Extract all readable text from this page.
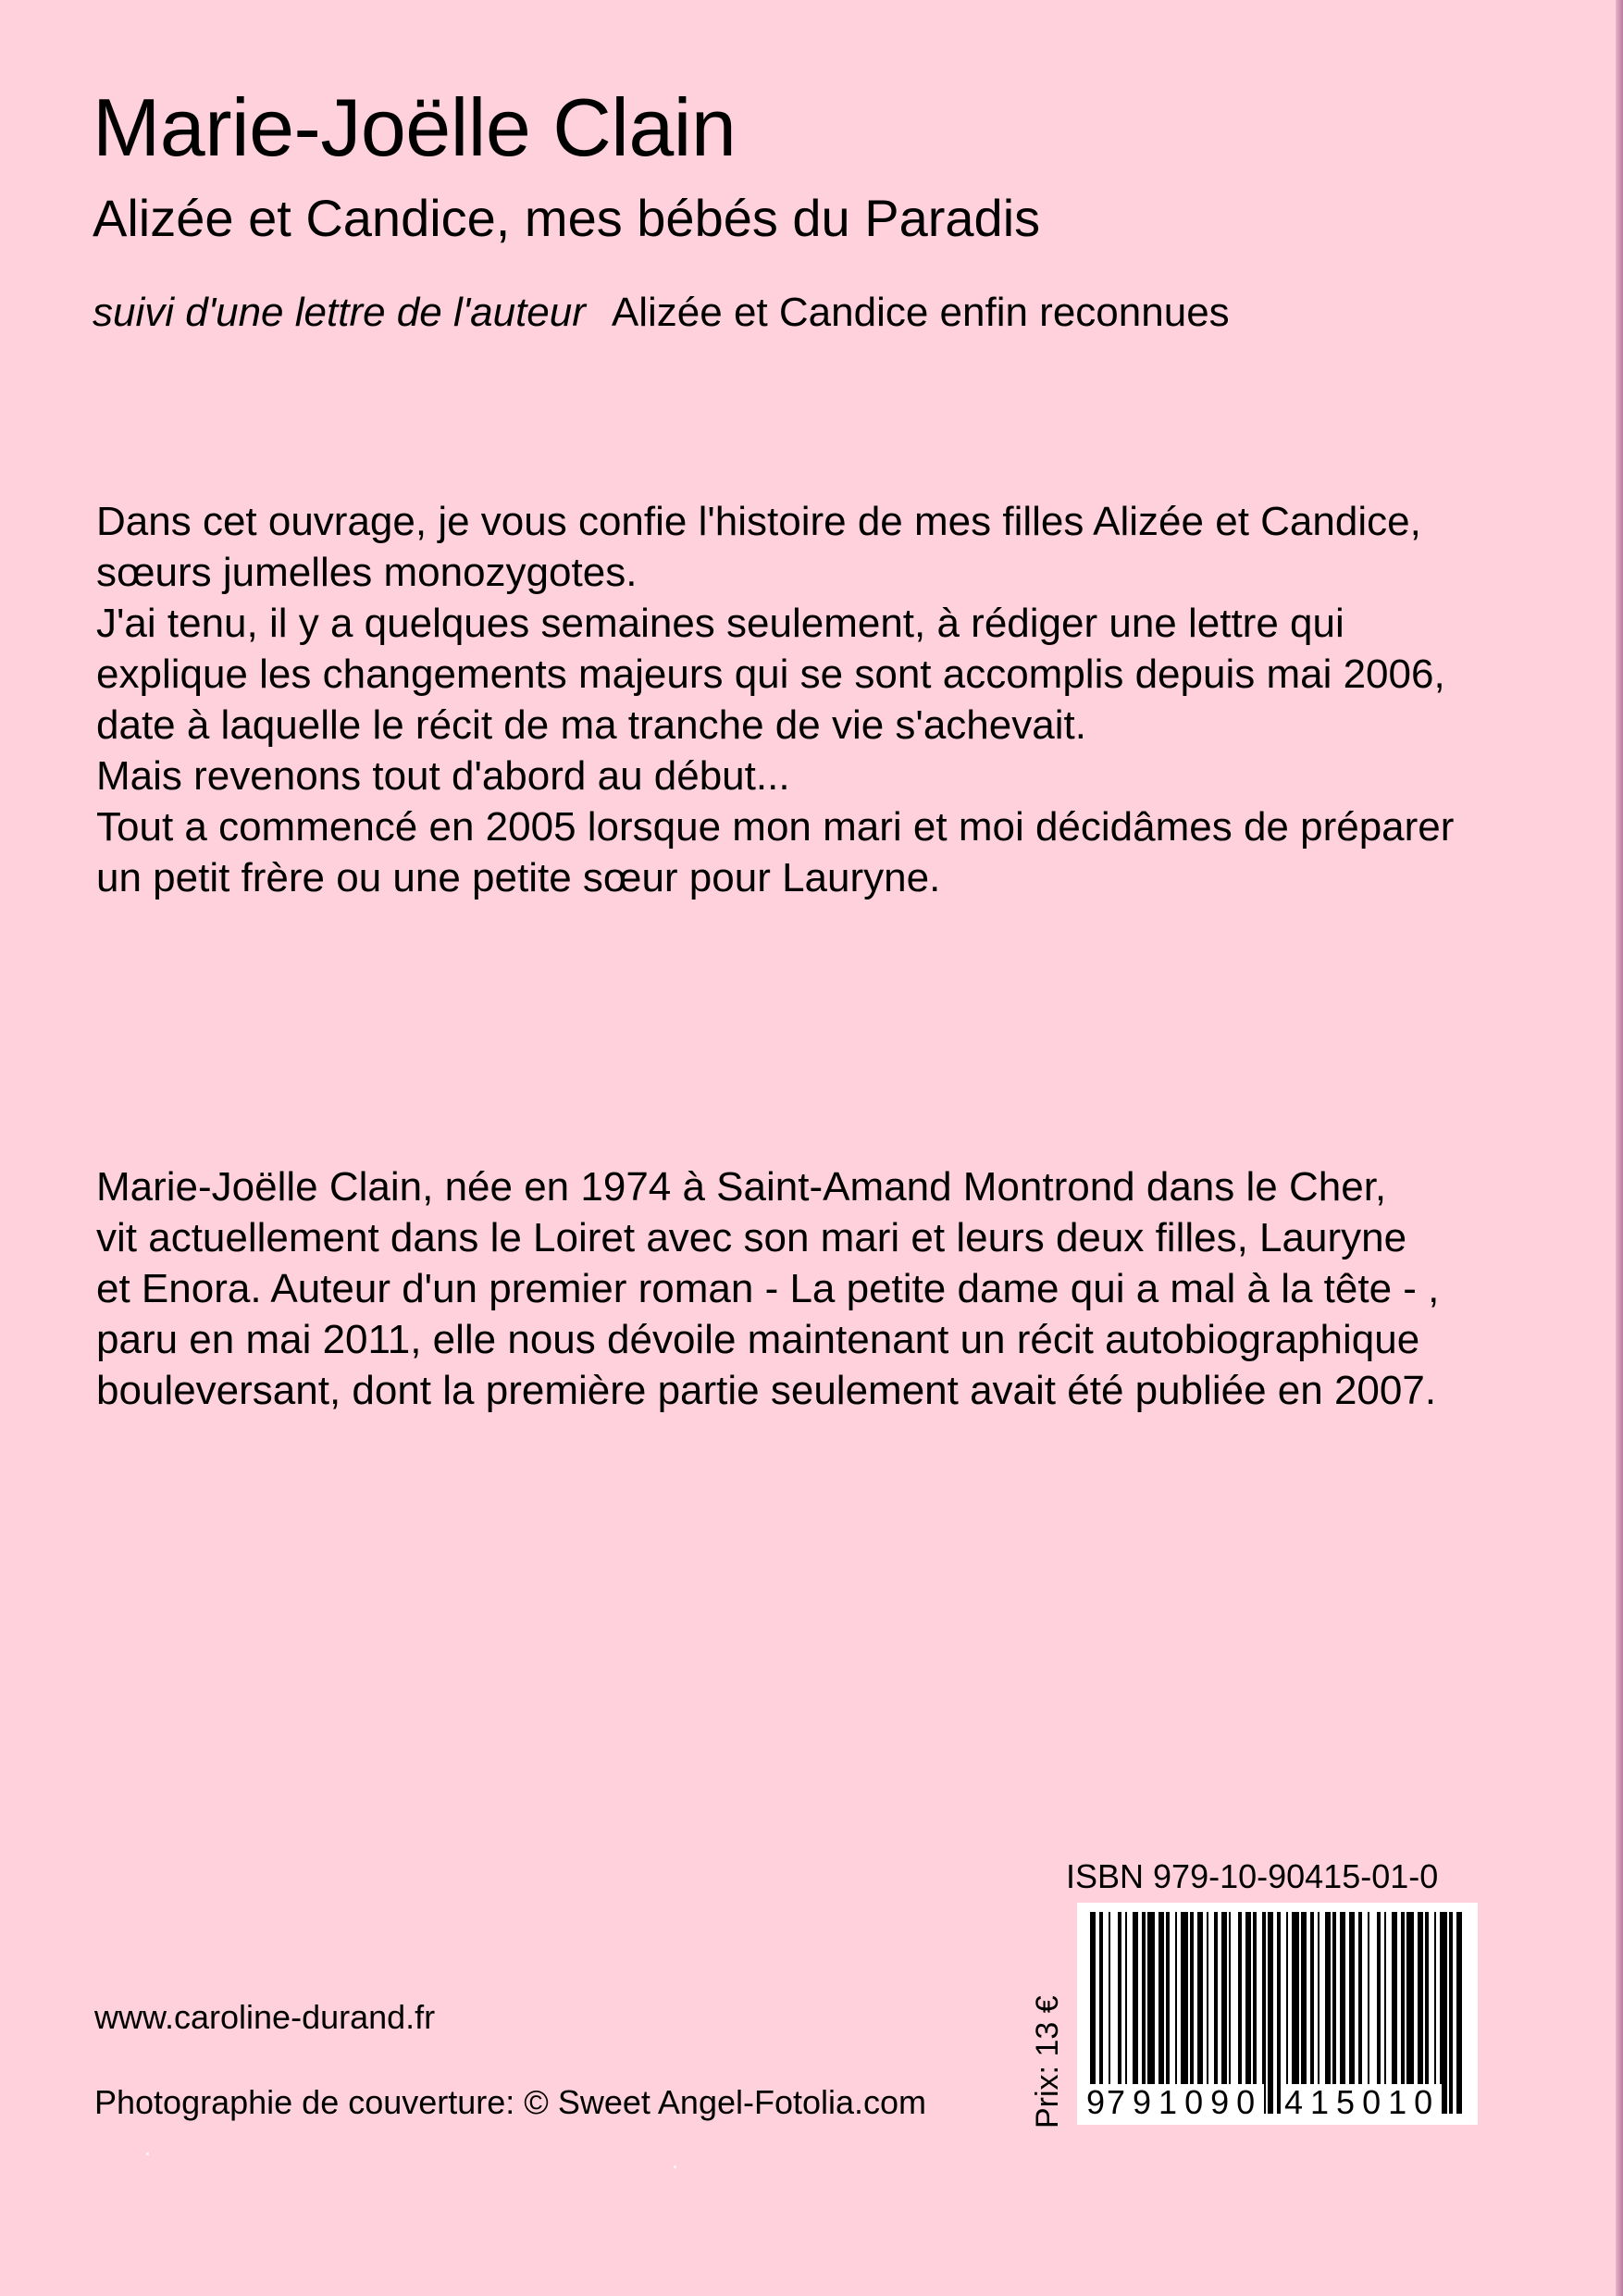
Marie-Joëlle Clain
Alizée et Candice, mes bébés du Paradis
suivi d'une lettre de l'auteur Alizée et Candice enfin reconnues

Dans cet ouvrage, je vous confie l'histoire de mes filles Alizée et Candice,

sœurs jumelles monozygotes.

J'ai tenu, il y a quelques semaines seulement, à rédiger une lettre qui

explique les changements majeurs qui se sont accomplis depuis mai 2006,

date à laquelle le récit de ma tranche de vie s'achevait.

Mais revenons tout d'abord au début...

Tout a commencé en 2005 lorsque mon mari et moi décidâmes de préparer

un petit frère ou une petite sœur pour Lauryne.

Marie-Joëlle Clain, née en 1974 à Saint-Amand Montrond dans le Cher,

vit actuellement dans le Loiret avec son mari et leurs deux filles, Lauryne

et Enora. Auteur d'un premier roman - La petite dame qui a mal à la tête - ,

paru en mai 2011, elle nous dévoile maintenant un récit autobiographique

bouleversant, dont la première partie seulement avait été publiée en 2007.

www.caroline-durand.fr
Photographie de couverture: © Sweet Angel-Fotolia.com
ISBN 979-10-90415-01-0
Prix: 13 € 9 791090 415010
